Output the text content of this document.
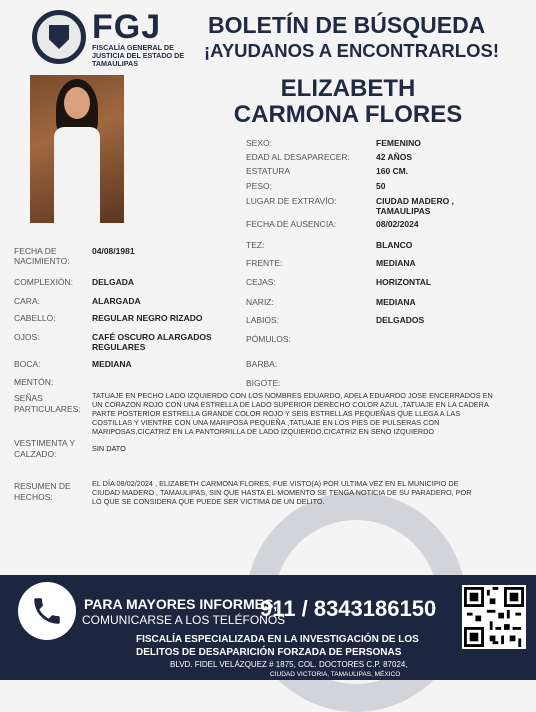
FGJ
FISCALÍA GENERAL DE JUSTICIA DEL ESTADO DE TAMAULIPAS
BOLETÍN DE BÚSQUEDA
¡AYUDANOS A ENCONTRARLOS!
ELIZABETH CARMONA FLORES
SEXO:	FEMENINO
EDAD AL DESAPARECER:	42 AÑOS
ESTATURA	160 CM.
PESO:	50
LUGAR DE EXTRAVÍO:	CIUDAD MADERO , TAMAULIPAS
FECHA DE AUSENCIA:	08/02/2024
TEZ:	BLANCO
FRENTE:	MEDIANA
CEJAS:	HORIZONTAL
NARIZ:	MEDIANA
LABIOS:	DELGADOS
PÓMULOS:
BARBA:
BIGOTE:
FECHA DE NACIMIENTO:
04/08/1981
COMPLEXIÓN: DELGADA
CARA:	ALARGADA
CABELLO:	REGULAR NEGRO RIZADO
OJOS:	CAFÉ OSCURO ALARGADOS REGULARES
BOCA:	MEDIANA
MENTÓN:
SEÑAS PARTICULARES:
TATUAJE EN PECHO LADO IZQUIERDO CON LOS NOMBRES EDUARDO, ADELA EDUARDO JOSE ENCERRADOS EN UN CORAZON ROJO CON UNA ESTRELLA DE LADO SUPERIOR DERECHO COLOR AZUL ,TATUAJE EN LA CADERA PARTE POSTERIOR ESTRELLA GRANDE COLOR ROJO Y SEIS ESTRELLAS PEQUEÑAS QUE LLEGA A LAS COSTILLAS Y VIENTRE CON UNA MARIPOSA PEQUEÑA ,TATUAJE EN LOS PIES DE PULSERAS CON MARIPOSAS,CICATRIZ EN LA PANTORRILLA DE LADO IZQUIERDO,CICATRIZ EN SENO IZQUIERDO
VESTIMENTA Y CALZADO:
SIN DATO
RESUMEN DE HECHOS:
EL DÍA 08/02/2024 , ELIZABETH CARMONA FLORES, FUE VISTO(A) POR ULTIMA VEZ EN EL MUNICIPIO DE CIUDAD MADERO , TAMAULIPAS, SIN QUE HASTA EL MOMENTO SE TENGA NOTICIA DE SU PARADERO, POR LO QUE SE CONSIDERA QUE PUEDE SER VICTIMA DE UN DELITO.
PARA MAYORES INFORMES,
COMUNICARSE A LOS TELÉFONOS
911 / 8343186150
FISCALÍA ESPECIALIZADA EN LA INVESTIGACIÓN DE LOS
DELITOS DE DESAPARICIÓN FORZADA DE PERSONAS
BLVD. FIDEL VELÁZQUEZ # 1875, COL. DOCTORES C.P. 87024,
CIUDAD VICTORIA, TAMAULIPAS, MÉXICO
